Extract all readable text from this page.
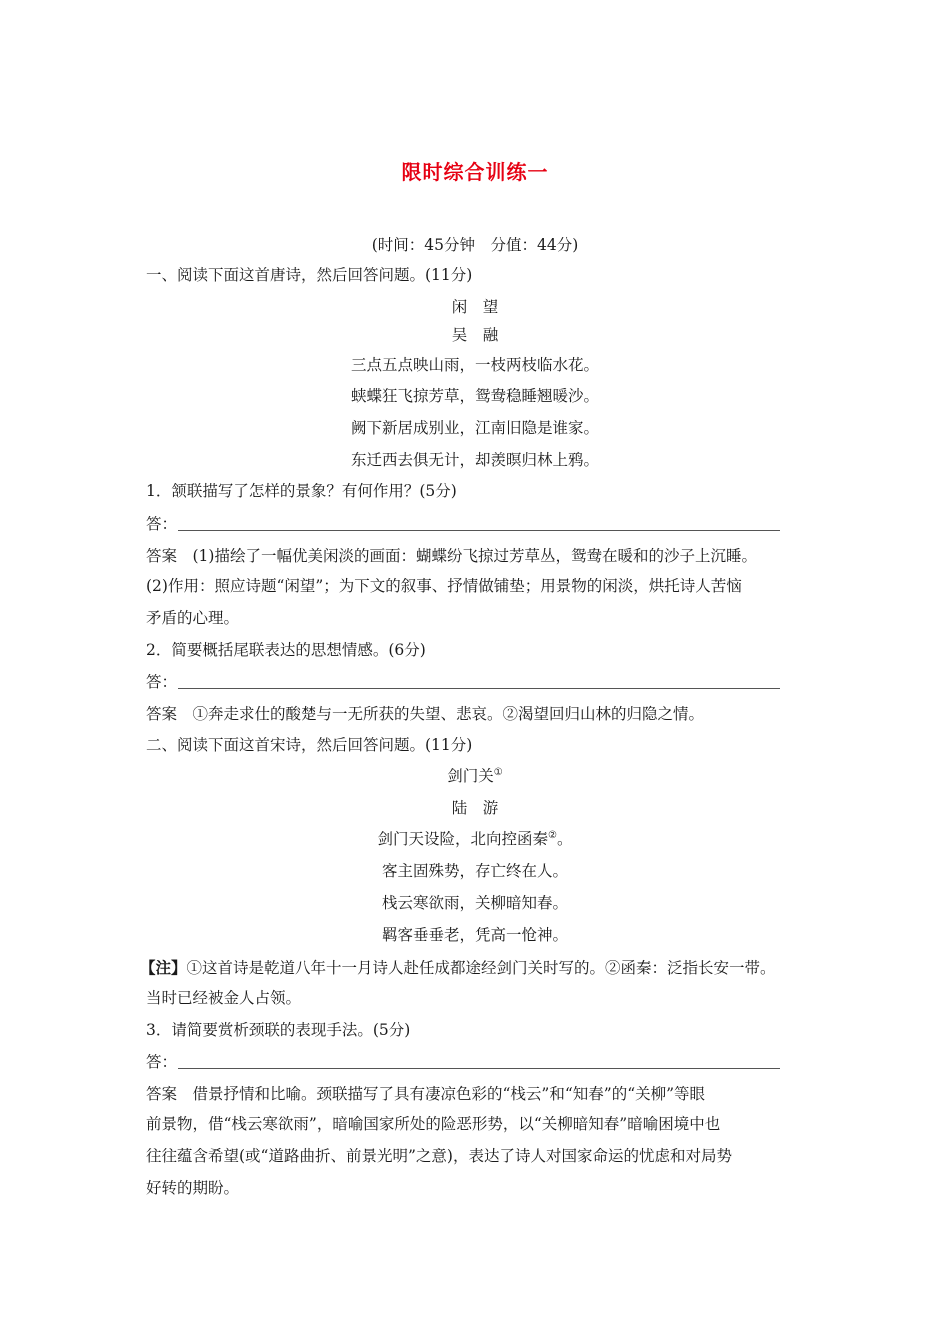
限时综合训练一
(时间：45分钟　分值：44分)
一、阅读下面这首唐诗，然后回答问题。(11分)
闲　望
吴　融
三点五点映山雨，一枝两枝临水花。
蛱蝶狂飞掠芳草，鸳鸯稳睡翘暖沙。
阙下新居成别业，江南旧隐是谁家。
东迁西去俱无计，却羡暝归林上鸦。
1．颔联描写了怎样的景象？有何作用？(5分)
答：
答案　(1)描绘了一幅优美闲淡的画面：蝴蝶纷飞掠过芳草丛，鸳鸯在暖和的沙子上沉睡。
(2)作用：照应诗题“闲望”；为下文的叙事、抒情做铺垫；用景物的闲淡，烘托诗人苦恼
矛盾的心理。
2．简要概括尾联表达的思想情感。(6分)
答：
答案　①奔走求仕的酸楚与一无所获的失望、悲哀。②渴望回归山林的归隐之情。
二、阅读下面这首宋诗，然后回答问题。(11分)
剑门关①
陆　游
剑门天设险，北向控函秦②。
客主固殊势，存亡终在人。
栈云寒欲雨，关柳暗知春。
羁客垂垂老，凭高一怆神。
【注】①这首诗是乾道八年十一月诗人赴任成都途经剑门关时写的。②函秦：泛指长安一带。
当时已经被金人占领。
3．请简要赏析颈联的表现手法。(5分)
答：
答案　借景抒情和比喻。颈联描写了具有凄凉色彩的“栈云”和“知春”的“关柳”等眼
前景物，借“栈云寒欲雨”，暗喻国家所处的险恶形势，以“关柳暗知春”暗喻困境中也
往往蕴含希望(或“道路曲折、前景光明”之意)，表达了诗人对国家命运的忧虑和对局势
好转的期盼。
